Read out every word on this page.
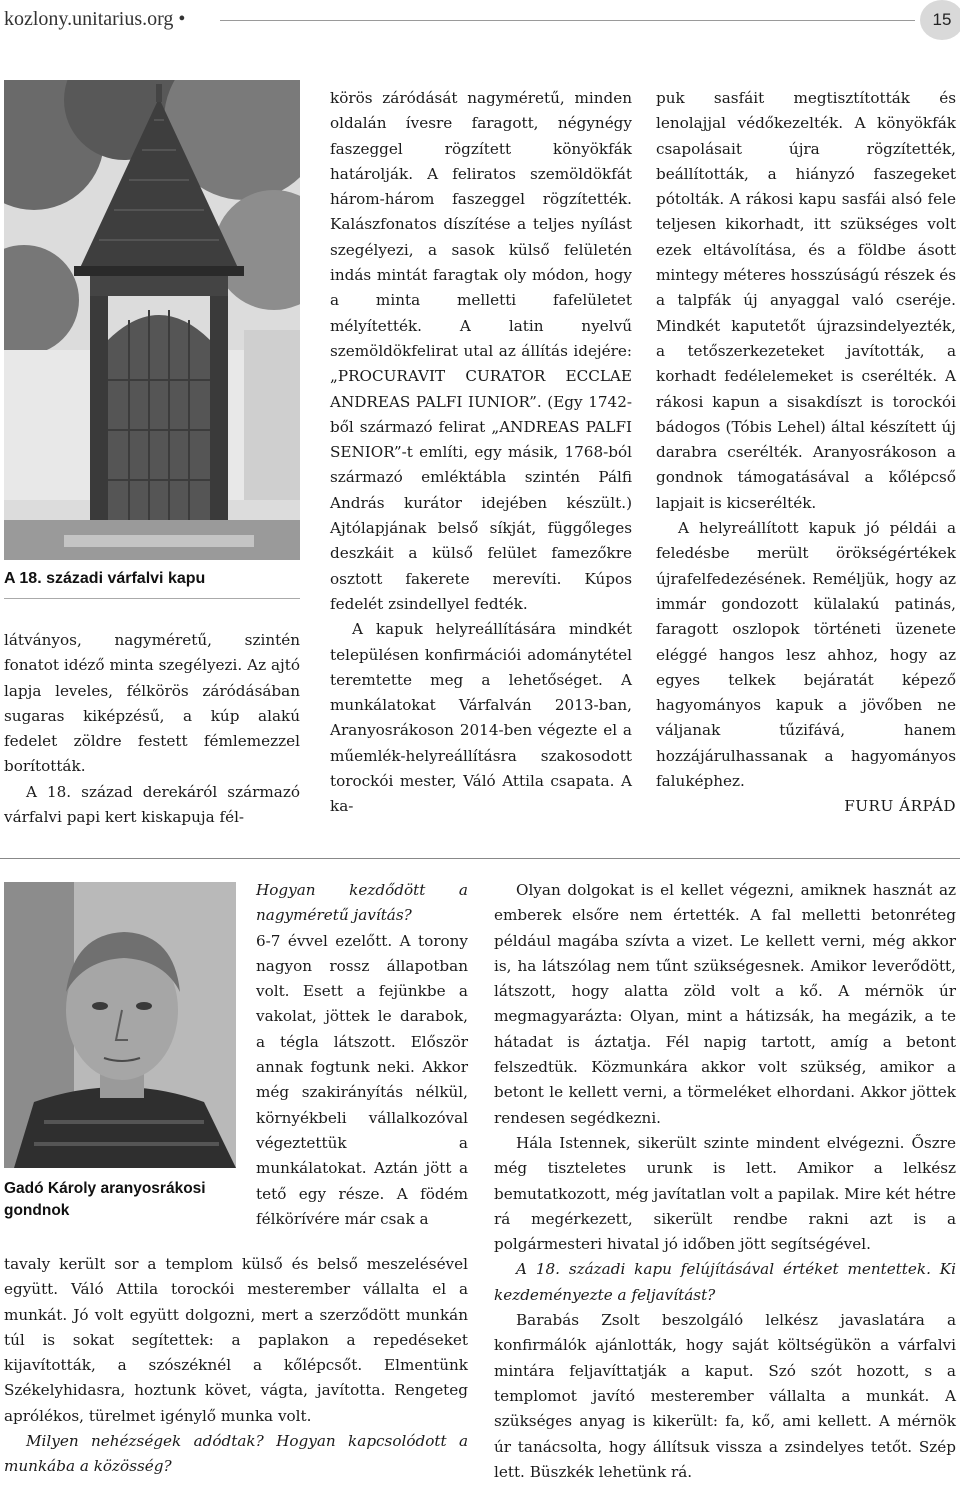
kozlony.unitarius.org •	15
A 18. századi várfalvi kapu

látványos, nagyméretű, szintén fonatot idéző minta szegélyezi. Az ajtó lapja leveles, félkörös záródásában sugaras kiképzésű, a kúp alakú fedelet zöldre festett fémlemezzel borították.

A 18. század derekáról származó várfalvi papi kert kiskapuja fél-

körös záródását nagyméretű, minden oldalán ívesre faragott, négynégy faszeggel rögzített könyökfák határolják. A feliratos szemöldökfát három-három faszeggel rögzítették. Kalászfonatos díszítése a teljes nyílást szegélyezi, a sasok külső felületén indás mintát faragtak oly módon, hogy a minta melletti fafelületet mélyítették. A latin nyelvű szemöldökfelirat utal az állítás idejére: „PROCURAVIT CURATOR ECCLAE ANDREAS PALFI IUNIOR”. (Egy 1742-ből származó felirat „ANDREAS PALFI SENIOR”-t említi, egy másik, 1768-ból származó emléktábla szintén Pálfi András kurátor idejében készült.) Ajtólapjának belső síkját, függőleges deszkáit a külső felület famezőkre osztott fakerete merevíti. Kúpos fedelét zsindellyel fedték.

A kapuk helyreállítására mindkét településen konfirmációi adománytétel teremtette meg a lehetőséget. A munkálatokat Várfalván 2013-ban, Aranyosrákoson 2014-ben végezte el a műemlék-helyreállításra szakosodott torockói mester, Váló Attila csapata. A ka-

puk sasfáit megtisztították és lenolajjal védőkezelték. A könyökfák csapolásait újra rögzítették, beállították, a hiányzó faszegeket pótolták. A rákosi kapu sasfái alsó fele teljesen kikorhadt, itt szükséges volt ezek eltávolítása, és a földbe ásott mintegy méteres hosszúságú részek és a talpfák új anyaggal való cseréje. Mindkét kaputetőt újrazsindelyezték, a tetőszerkezeteket javították, a korhadt fedélelemeket is cserélték. A rákosi kapun a sisakdíszt is torockói bádogos (Tóbis Lehel) által készített új darabra cserélték. Aranyosrákoson a gondnok támogatásával a kőlépcső lapjait is kicserélték.

A helyreállított kapuk jó példái a feledésbe merült örökségértékek újrafelfedezésének. Reméljük, hogy az immár gondozott külalakú patinás, faragott oszlopok történeti üzenete eléggé hangos lesz ahhoz, hogy az egyes telkek bejáratát képező hagyományos kapuk a jövőben ne váljanak tűzifává, hanem hozzájárulhassanak a hagyományos faluképhez.

FURU ÁRPÁD

Gadó Károly aranyosrákosi gondnok

Hogyan kezdődött a nagyméretű javítás?

6-7 évvel ezelőtt. A torony nagyon rossz állapotban volt. Esett a fejünkbe a vakolat, jöttek le darabok, a tégla látszott. Először annak fogtunk neki. Akkor még szakirányítás nélkül, környékbeli vállalkozóval végeztettük a munkálatokat. Aztán jött a tető egy része. A födém félkörívére már csak a

tavaly került sor a templom külső és belső meszelésével együtt. Váló Attila torockói mesterember vállalta el a munkát. Jó volt együtt dolgozni, mert a szerződött munkán túl is sokat segítettek: a paplakon a repedéseket kijavították, a szószéknél a kőlépcsőt. Elmentünk Székelyhidasra, hoztunk követ, vágta, javította. Rengeteg aprólékos, türelmet igénylő munka volt.

Milyen nehézségek adódtak? Hogyan kapcsolódott a munkába a közösség?

Olyan dolgokat is el kellet végezni, amiknek hasznát az emberek elsőre nem értették. A fal melletti betonréteg például magába szívta a vizet. Le kellett verni, még akkor is, ha látszólag nem tűnt szükségesnek. Amikor leverődött, látszott, hogy alatta zöld volt a kő. A mérnök úr megmagyarázta: Olyan, mint a hátizsák, ha megázik, a te hátadat is áztatja. Fél napig tartott, amíg a betont felszedtük. Közmunkára akkor volt szükség, amikor a betont le kellett verni, a törmeléket elhordani. Akkor jöttek rendesen segédkezni.

Hála Istennek, sikerült szinte mindent elvégezni. Őszre még tiszteletes urunk is lett. Amikor a lelkész bemutatkozott, még javítatlan volt a papilak. Mire két hétre rá megérkezett, sikerült rendbe rakni azt is a polgármesteri hivatal jó időben jött segítségével.

A 18. századi kapu felújításával értéket mentettek. Ki kezdeményezte a feljavítást?

Barabás Zsolt beszolgáló lelkész javaslatára a konfirmálók ajánlották, hogy saját költségükön a várfalvi mintára feljavíttatják a kaput. Szó szót hozott, s a templomot javító mesterember vállalta a munkát. A szükséges anyag is kikerült: fa, kő, ami kellett. A mérnök úr tanácsolta, hogy állítsuk vissza a zsindelyes tetőt. Szép lett. Büszkék lehetünk rá.
